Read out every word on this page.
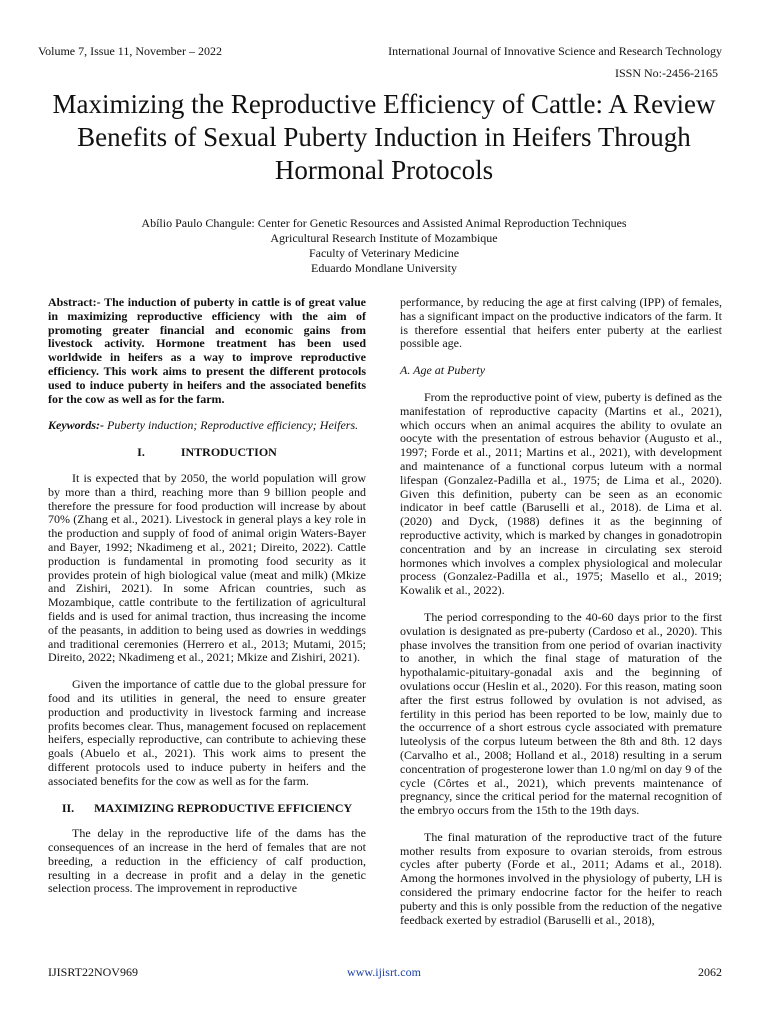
Volume 7, Issue 11, November – 2022	International Journal of Innovative Science and Research Technology
ISSN No:-2456-2165
Maximizing the Reproductive Efficiency of Cattle: A Review Benefits of Sexual Puberty Induction in Heifers Through Hormonal Protocols
Abílio Paulo Changule: Center for Genetic Resources and Assisted Animal Reproduction Techniques
Agricultural Research Institute of Mozambique
Faculty of Veterinary Medicine
Eduardo Mondlane University

Abstract:- The induction of puberty in cattle is of great value in maximizing reproductive efficiency with the aim of promoting greater financial and economic gains from livestock activity. Hormone treatment has been used worldwide in heifers as a way to improve reproductive efficiency. This work aims to present the different protocols used to induce puberty in heifers and the associated benefits for the cow as well as for the farm.

Keywords:- Puberty induction; Reproductive efficiency; Heifers.

I.	INTRODUCTION

It is expected that by 2050, the world population will grow by more than a third, reaching more than 9 billion people and therefore the pressure for food production will increase by about 70% (Zhang et al., 2021). Livestock in general plays a key role in the production and supply of food of animal origin Waters-Bayer and Bayer, 1992; Nkadimeng et al., 2021; Direito, 2022). Cattle production is fundamental in promoting food security as it provides protein of high biological value (meat and milk) (Mkize and Zishiri, 2021). In some African countries, such as Mozambique, cattle contribute to the fertilization of agricultural fields and is used for animal traction, thus increasing the income of the peasants, in addition to being used as dowries in weddings and traditional ceremonies (Herrero et al., 2013; Mutami, 2015; Direito, 2022; Nkadimeng et al., 2021; Mkize and Zishiri, 2021).

Given the importance of cattle due to the global pressure for food and its utilities in general, the need to ensure greater production and productivity in livestock farming and increase profits becomes clear. Thus, management focused on replacement heifers, especially reproductive, can contribute to achieving these goals (Abuelo et al., 2021). This work aims to present the different protocols used to induce puberty in heifers and the associated benefits for the cow as well as for the farm.

II. MAXIMIZING REPRODUCTIVE EFFICIENCY

The delay in the reproductive life of the dams has the consequences of an increase in the herd of females that are not breeding, a reduction in the efficiency of calf production, resulting in a decrease in profit and a delay in the genetic selection process. The improvement in reproductive

performance, by reducing the age at first calving (IPP) of females, has a significant impact on the productive indicators of the farm. It is therefore essential that heifers enter puberty at the earliest possible age.

A. Age at Puberty

From the reproductive point of view, puberty is defined as the manifestation of reproductive capacity (Martins et al., 2021), which occurs when an animal acquires the ability to ovulate an oocyte with the presentation of estrous behavior (Augusto et al., 1997; Forde et al., 2011; Martins et al., 2021), with development and maintenance of a functional corpus luteum with a normal lifespan (Gonzalez-Padilla et al., 1975; de Lima et al., 2020). Given this definition, puberty can be seen as an economic indicator in beef cattle (Baruselli et al., 2018). de Lima et al. (2020) and Dyck, (1988) defines it as the beginning of reproductive activity, which is marked by changes in gonadotropin concentration and by an increase in circulating sex steroid hormones which involves a complex physiological and molecular process (Gonzalez-Padilla et al., 1975; Masello et al., 2019; Kowalik et al., 2022).

The period corresponding to the 40-60 days prior to the first ovulation is designated as pre-puberty (Cardoso et al., 2020). This phase involves the transition from one period of ovarian inactivity to another, in which the final stage of maturation of the hypothalamic-pituitary-gonadal axis and the beginning of ovulations occur (Heslin et al., 2020). For this reason, mating soon after the first estrus followed by ovulation is not advised, as fertility in this period has been reported to be low, mainly due to the occurrence of a short estrous cycle associated with premature luteolysis of the corpus luteum between the 8th and 8th. 12 days (Carvalho et al., 2008; Holland et al., 2018) resulting in a serum concentration of progesterone lower than 1.0 ng/ml on day 9 of the cycle (Côrtes et al., 2021), which prevents maintenance of pregnancy, since the critical period for the maternal recognition of the embryo occurs from the 15th to the 19th days.

The final maturation of the reproductive tract of the future mother results from exposure to ovarian steroids, from estrous cycles after puberty (Forde et al., 2011; Adams et al., 2018). Among the hormones involved in the physiology of puberty, LH is considered the primary endocrine factor for the heifer to reach puberty and this is only possible from the reduction of the negative feedback exerted by estradiol (Baruselli et al., 2018),

IJISRT22NOV969	www.ijisrt.com	2062
